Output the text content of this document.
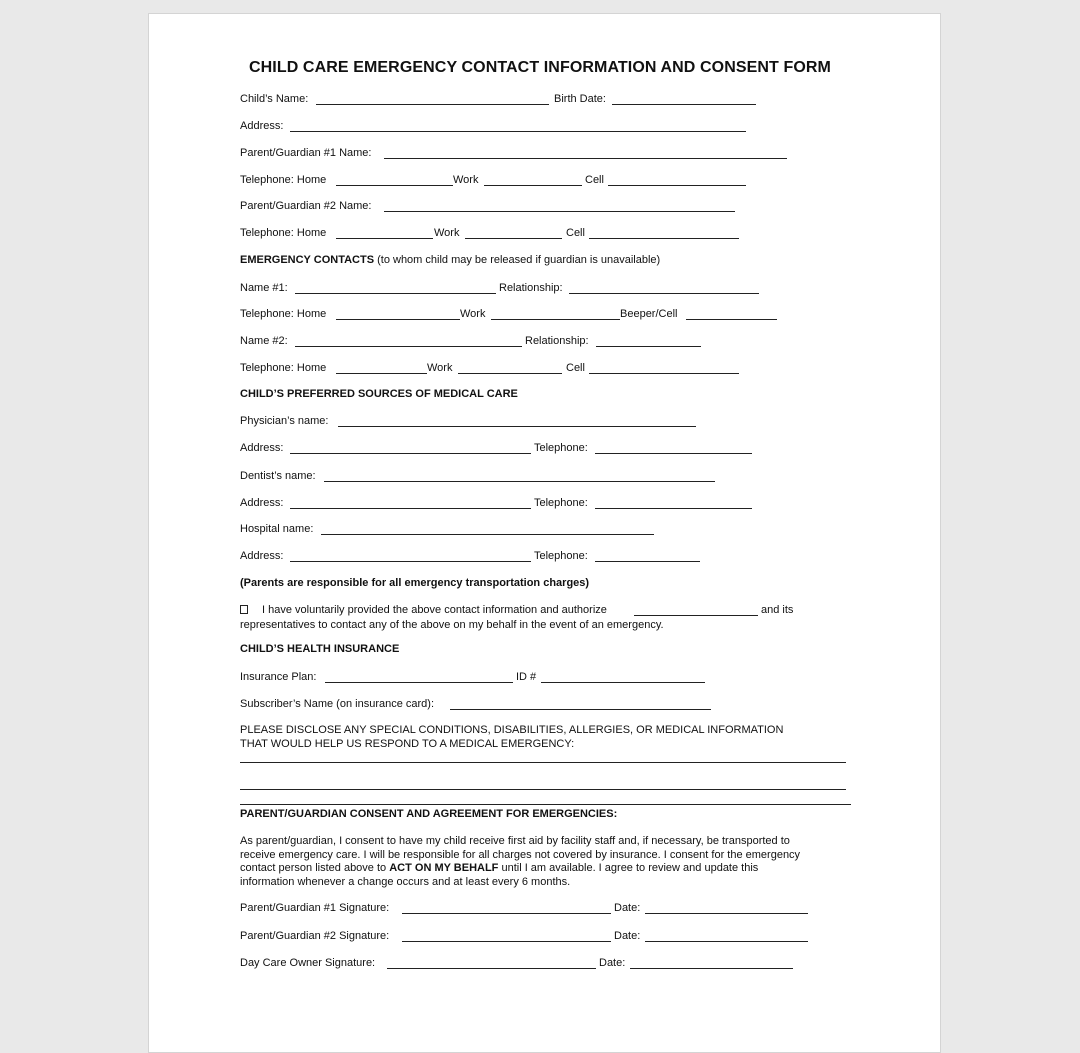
CHILD CARE EMERGENCY CONTACT INFORMATION AND CONSENT FORM
Child’s Name:	Birth Date:
Address:
Parent/Guardian #1 Name:
Telephone: Home	Work	Cell
Parent/Guardian #2 Name:
Telephone: Home	Work	Cell
EMERGENCY CONTACTS (to whom child may be released if guardian is unavailable)
Name #1:	Relationship:
Telephone: Home	Work	Beeper/Cell
Name #2:	Relationship:
Telephone: Home	Work	Cell
CHILD’S PREFERRED SOURCES OF MEDICAL CARE
Physician’s name:
Address:	Telephone:
Dentist’s name:
Address:	Telephone:
Hospital name:
Address:	Telephone:
(Parents are responsible for all emergency transportation charges)
I have voluntarily provided the above contact information and authorize	and its
representatives to contact any of the above on my behalf in the event of an emergency.
CHILD’S HEALTH INSURANCE
Insurance Plan:	ID #
Subscriber’s Name (on insurance card):
PLEASE DISCLOSE ANY SPECIAL CONDITIONS, DISABILITIES, ALLERGIES, OR MEDICAL INFORMATION
THAT WOULD HELP US RESPOND TO A MEDICAL EMERGENCY:
PARENT/GUARDIAN CONSENT AND AGREEMENT FOR EMERGENCIES:
As parent/guardian, I consent to have my child receive first aid by facility staff and, if necessary, be transported to
receive emergency care. I will be responsible for all charges not covered by insurance. I consent for the emergency
contact person listed above to ACT ON MY BEHALF until I am available. I agree to review and update this
information whenever a change occurs and at least every 6 months.
Parent/Guardian #1 Signature:	Date:
Parent/Guardian #2 Signature:	Date:
Day Care Owner Signature:	Date:
